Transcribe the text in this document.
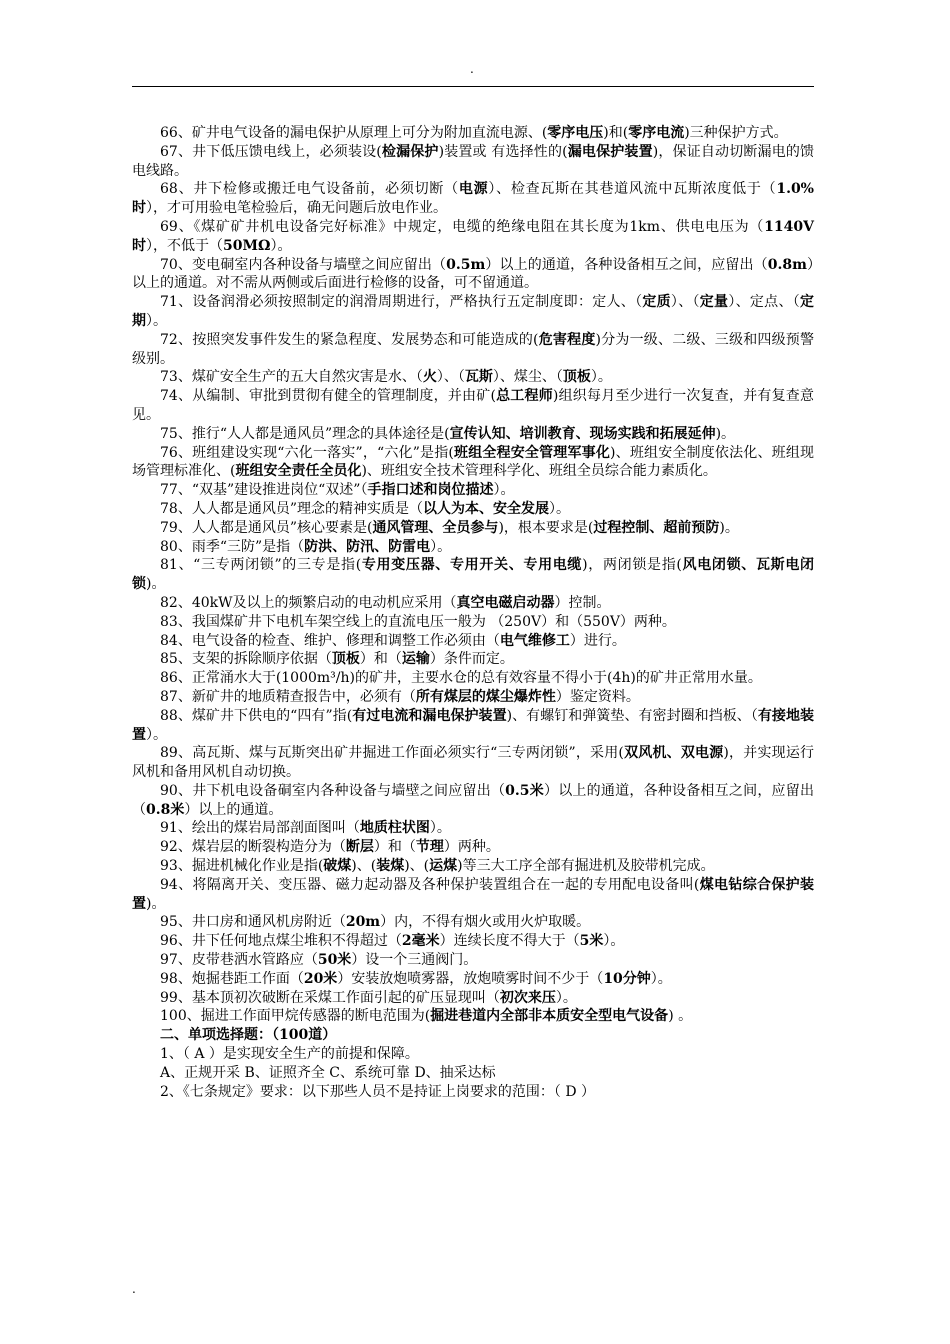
.
66、矿井电气设备的漏电保护从原理上可分为附加直流电源、(零序电压)和(零序电流)三种保护方式。
67、井下低压馈电线上，必须装设(检漏保护)装置或 有选择性的(漏电保护装置)，保证自动切断漏电的馈电线路。
68、井下检修或搬迁电气设备前，必须切断（电源）、检查瓦斯在其巷道风流中瓦斯浓度低于（1.0% 时），才可用验电笔检验后，确无问题后放电作业。
69、《煤矿矿井机电设备完好标准》中规定，电缆的绝缘电阻在其长度为1km、供电电压为（1140V时），不低于（50MΩ）。
70、变电硐室内各种设备与墙壁之间应留出（0.5m）以上的通道，各种设备相互之间，应留出（0.8m）以上的通道。对不需从两侧或后面进行检修的设备，可不留通道。
71、设备润滑必须按照制定的润滑周期进行，严格执行五定制度即：定人、（定质）、（定量）、定点、（定期）。
72、按照突发事件发生的紧急程度、发展势态和可能造成的(危害程度)分为一级、二级、三级和四级预警级别。
73、煤矿安全生产的五大自然灾害是水、（火）、（瓦斯）、煤尘、（顶板）。
74、从编制、审批到贯彻有健全的管理制度，并由矿(总工程师)组织每月至少进行一次复查，并有复查意见。
75、推行“人人都是通风员”理念的具体途径是(宣传认知、培训教育、现场实践和拓展延伸)。
76、班组建设实现“六化一落实”，“六化”是指(班组全程安全管理军事化)、班组安全制度依法化、班组现场管理标准化、(班组安全责任全员化)、班组安全技术管理科学化、班组全员综合能力素质化。
77、“双基”建设推进岗位“双述”（手指口述和岗位描述）。
78、人人都是通风员”理念的精神实质是（以人为本、安全发展）。
79、人人都是通风员”核心要素是(通风管理、全员参与)，根本要求是(过程控制、超前预防)。
80、雨季“三防”是指（防洪、防汛、防雷电）。
81、“三专两闭锁”的三专是指(专用变压器、专用开关、专用电缆)，两闭锁是指(风电闭锁、瓦斯电闭锁)。
82、40kW及以上的频繁启动的电动机应采用（真空电磁启动器）控制。
83、我国煤矿井下电机车架空线上的直流电压一般为 （250V）和（550V）两种。
84、电气设备的检查、维护、修理和调整工作必须由（电气维修工）进行。
85、支架的拆除顺序依据（顶板）和（运输）条件而定。
86、正常涌水大于(1000m³/h)的矿井，主要水仓的总有效容量不得小于(4h)的矿井正常用水量。
87、新矿井的地质精查报告中，必须有（所有煤层的煤尘爆炸性）鉴定资料。
88、煤矿井下供电的“四有”指(有过电流和漏电保护装置)、有螺钉和弹簧垫、有密封圈和挡板、（有接地装置）。
89、高瓦斯、煤与瓦斯突出矿井掘进工作面必须实行“三专两闭锁”，采用(双风机、双电源)，并实现运行风机和备用风机自动切换。
90、井下机电设备硐室内各种设备与墙壁之间应留出（0.5米）以上的通道，各种设备相互之间，应留出（0.8米）以上的通道。
91、绘出的煤岩局部剖面图叫（地质柱状图）。
92、煤岩层的断裂构造分为（断层）和（节理）两种。
93、掘进机械化作业是指(破煤)、(装煤)、(运煤)等三大工序全部有掘进机及胶带机完成。
94、将隔离开关、变压器、磁力起动器及各种保护装置组合在一起的专用配电设备叫(煤电钻综合保护装置)。
95、井口房和通风机房附近（20m）内，不得有烟火或用火炉取暖。
96、井下任何地点煤尘堆积不得超过（2毫米）连续长度不得大于（5米）。
97、皮带巷洒水管路应（50米）设一个三通阀门。
98、炮掘巷距工作面（20米）安装放炮喷雾器，放炮喷雾时间不少于（10分钟）。
99、基本顶初次破断在采煤工作面引起的矿压显现叫（初次来压）。
100、掘进工作面甲烷传感器的断电范围为(掘进巷道内全部非本质安全型电气设备) 。
二、单项选择题：（100道）
1、（ A ）是实现安全生产的前提和保障。
A、正规开采 B、证照齐全 C、系统可靠 D、抽采达标
2、《七条规定》要求：以下那些人员不是持证上岗要求的范围：（ D ）
.
